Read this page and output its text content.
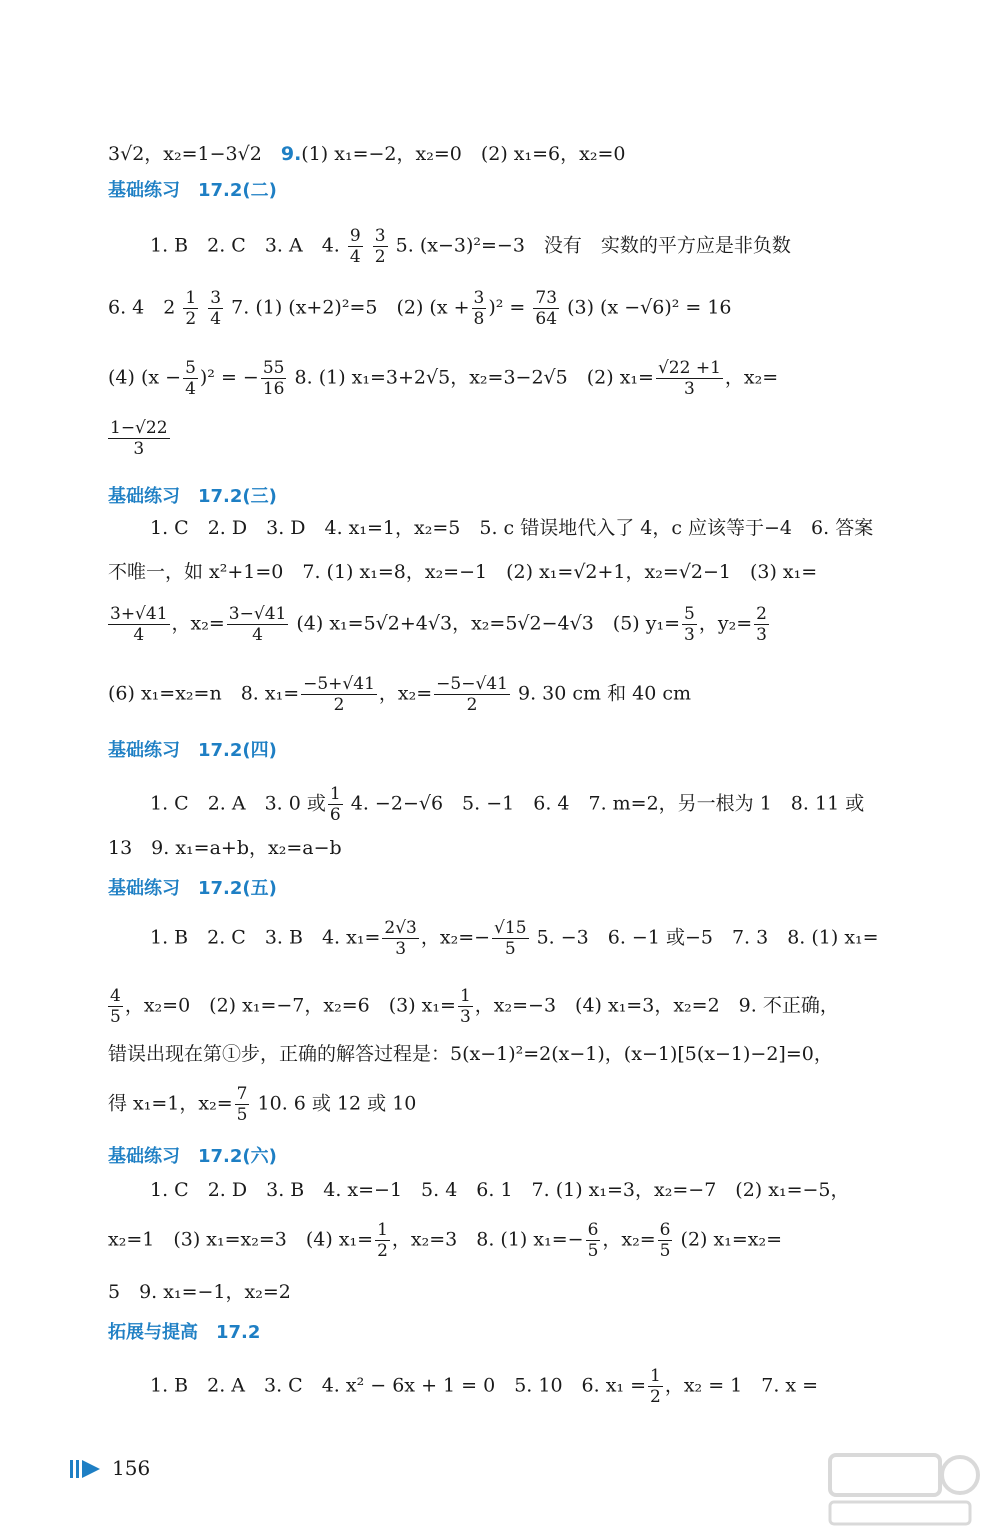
3√2，x₂=1−3√2　 9.(1) x₁=−2，x₂=0　(2) x₁=6，x₂=0
基础练习　17.2(二)
1. B　2. C　3. A　4. $\frac{9}{4}$
$\frac{3}{2} 5$. (x−3)²=−3　没有　实数的平方应是非负数
6. 4　$2 \frac{1}{2}$
$\frac{3}{4} 7$. (1) (x+2)²=5　(2) $(x + \frac{3}{8} )^2 = \frac{73}{64} (3)$ (x −√6)² = 16
(4) $(x - \frac{5}{4} )^2$ = − $\frac{55}{16} 8$. (1) x₁=3+2√5，x₂=3−2√5　(2) $x_1= \frac{√22 +1}{3}$ ，x₂=
$\frac{1-√22}{3}$
基础练习　17.2(三)
1. C　2. D　3. D　4. x₁=1，x₂=5　5. c 错误地代入了 4，c 应该等于−4　6. 答案
不唯一，如 x²+1=0　7. (1) x₁=8，x₂=−1　(2) x₁=√2+1，x₂=√2−1　(3) x₁=
$\frac{3+√41}{4}$ ，$x_2= \frac{3-√41}{4} (4)$ x₁=5√2+4√3，x₂=5√2−4√3　(5) $y_1= \frac{5}{3}$ ，$y_2= \frac{2}{3}$
(6) x₁=x₂=n　8. $x_1= \frac{-5+√41}{2}$ ，$x_2= \frac{-5-√41}{2} 9$. 30 cm 和 40 cm
基础练习　17.2(四)
1. C　2. A　3. 0 或 $\frac{1}{6} 4$. −2−√6　5. −1　6. 4　7. m=2，另一根为 1　8. 11 或
13　9. x₁=a+b，x₂=a−b
基础练习　17.2(五)
1. B　2. C　3. B　4. $x_1= \frac{2√3}{3}$ ，$x_2=- \frac{√15}{5} 5$. −3　6. −1 或−5　7. 3　8. (1) x₁=
$\frac{4}{5}$ ，x₂=0　(2) x₁=−7，x₂=6　(3) $x_1= \frac{1}{3}$ ，x₂=−3　(4) x₁=3，x₂=2　9. 不正确，
错误出现在第①步，正确的解答过程是：5(x−1)²=2(x−1)，(x−1)[5(x−1)−2]=0，
得 x₁=1，$x_2= \frac{7}{5} 10$. 6 或 12 或 10
基础练习　17.2(六)
1. C　2. D　3. B　4. x=−1　5. 4　6. 1　7. (1) x₁=3，x₂=−7　(2) x₁=−5，
x₂=1　(3) x₁=x₂=3　(4) $x_1= \frac{1}{2}$ ，x₂=3　8. (1) $x_1=- \frac{6}{5}$ ，$x_2= \frac{6}{5} (2)$ x₁=x₂=
5　9. x₁=−1，x₂=2
拓展与提高　17.2
1. B　2. A　3. C　4. x² − 6x + 1 = 0　5. 10　6. $x_1 = \frac{1}{2}$ ，x₂ = 1　7. x =
156
